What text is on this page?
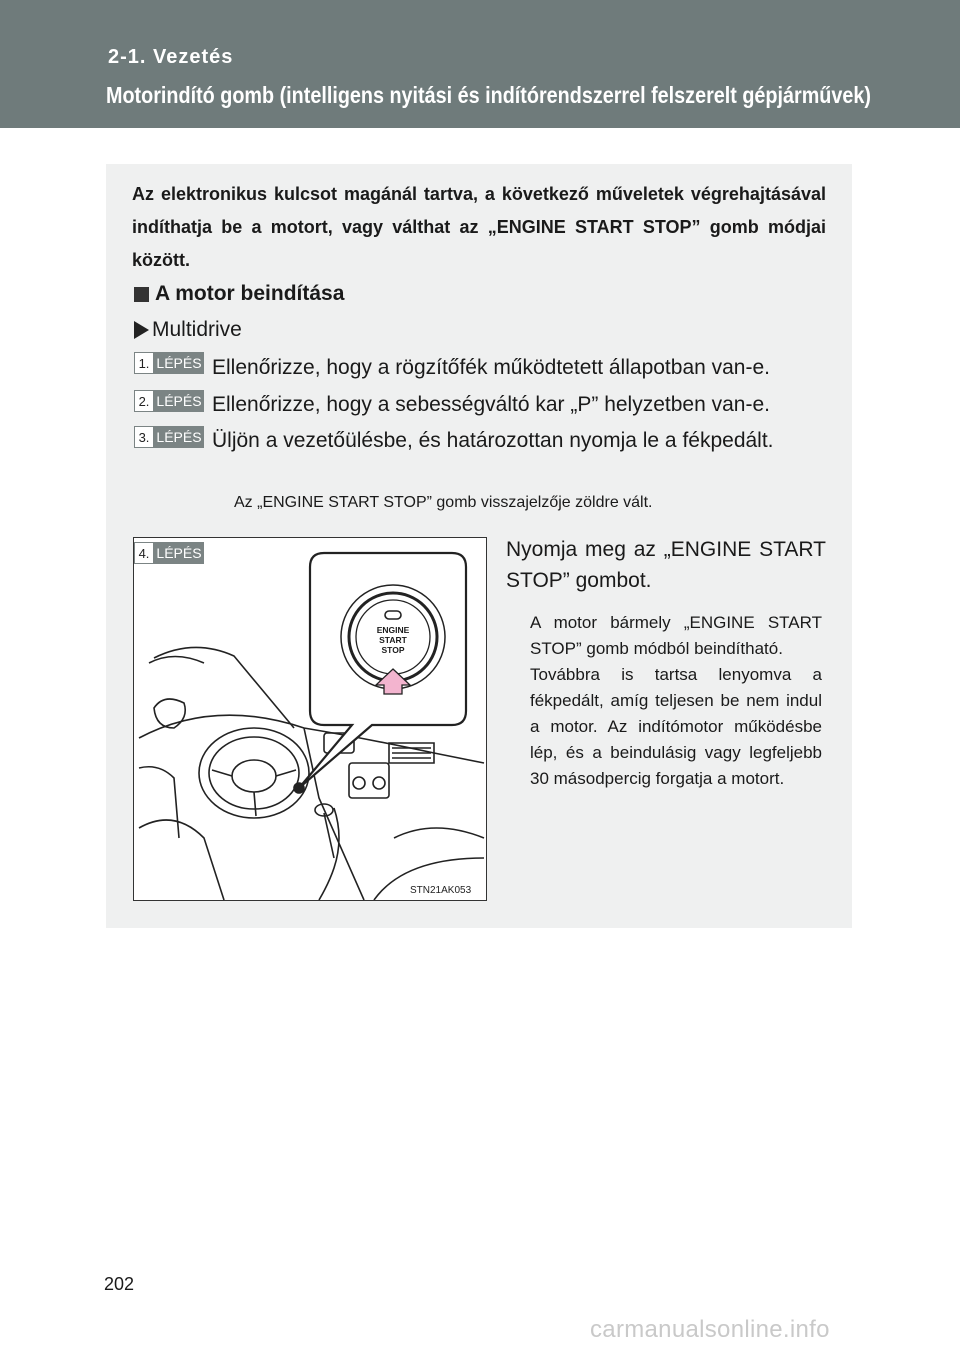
2-1. Vezetés
Motorindító gomb (intelligens nyitási és indítórendszerrel felszerelt gépjárművek)
Az elektronikus kulcsot magánál tartva, a következő műveletek végrehajtásával indíthatja be a motort, vagy válthat az „ENGINE START STOP” gomb módjai között.
A motor beindítása
Multidrive
1. LÉPÉS Ellenőrizze, hogy a rögzítőfék működtetett állapotban van-e.
2. LÉPÉS Ellenőrizze, hogy a sebességváltó kar „P” helyzetben van-e.
3. LÉPÉS Üljön a vezetőülésbe, és határozottan nyomja le a fékpedált.
Az „ENGINE START STOP” gomb visszajelzője zöldre vált.
ENGINE
START
STOP
4. LÉPÉS
STN21AK053
Nyomja meg az „ENGINE START STOP” gombot.
A motor bármely „ENGINE START STOP” gomb módból beindítható.
Továbbra is tartsa lenyomva a fékpedált, amíg teljesen be nem indul a motor. Az indítómotor működésbe lép, és a beindulásig vagy legfeljebb 30 másodpercig forgatja a motort.
202
carmanualsonline.info
